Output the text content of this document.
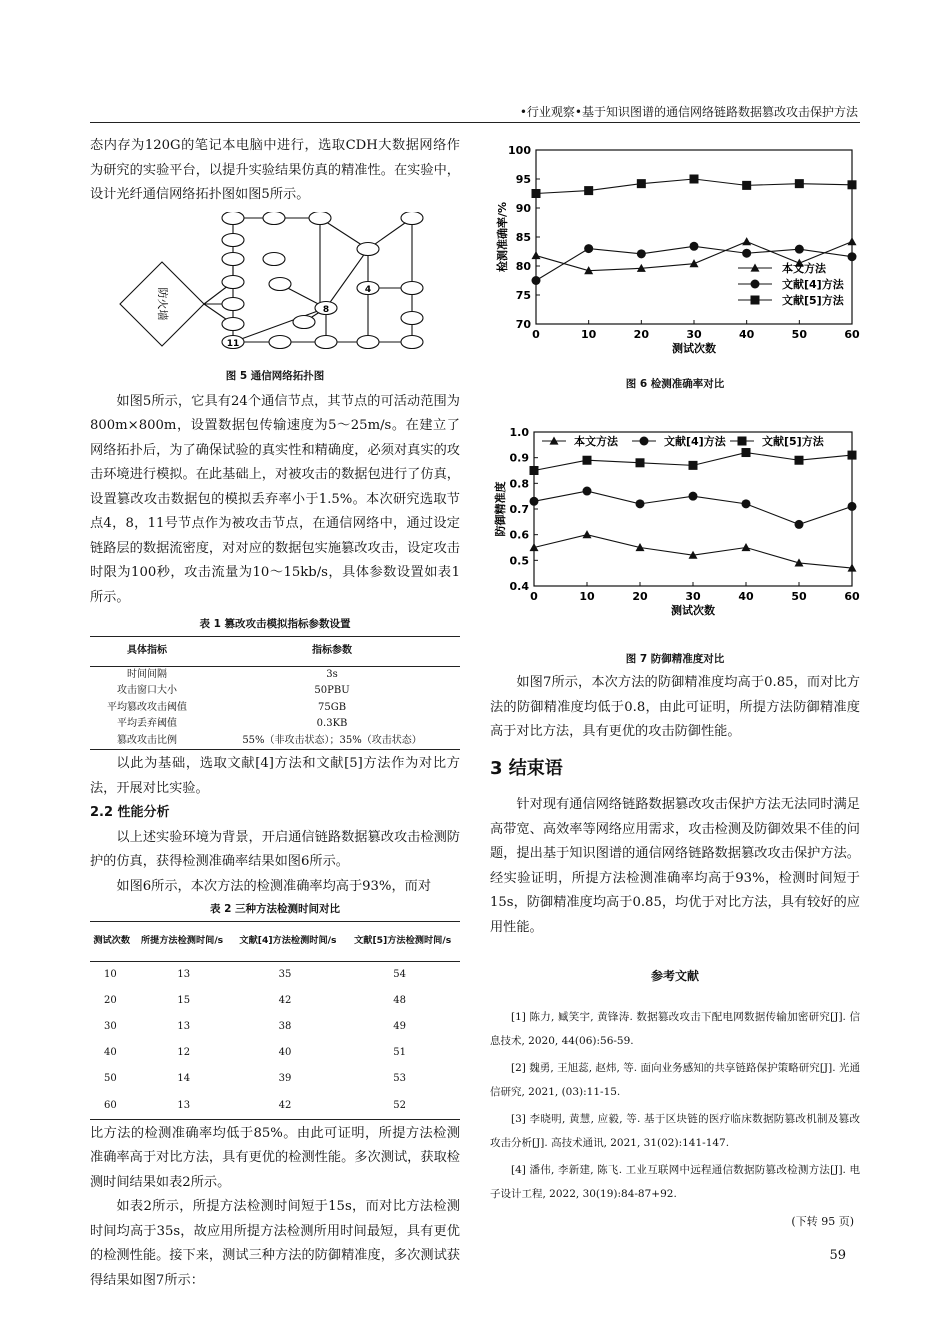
•行业观察•基于知识图谱的通信网络链路数据篡改攻击保护方法

态内存为120G的笔记本电脑中进行，选取CDH大数据网络作为研究的实验平台，以提升实验结果仿真的精准性。在实验中，设计光纤通信网络拓扑图如图5所示。

4
8
11
防火墙
图 5 通信网络拓扑图

如图5所示，它具有24个通信节点，其节点的可活动范围为800m×800m，设置数据包传输速度为5～25m/s。在建立了网络拓扑后，为了确保试验的真实性和精确度，必须对真实的攻击环境进行模拟。在此基础上，对被攻击的数据包进行了仿真，设置篡改攻击数据包的模拟丢弃率小于1.5%。本次研究选取节点4，8，11号节点作为被攻击节点，在通信网络中，通过设定链路层的数据流密度，对对应的数据包实施篡改攻击，设定攻击时限为100秒，攻击流量为10～15kb/s，具体参数设置如表1所示。

表 1 篡改攻击模拟指标参数设置
具体指标	指标参数
时间间隔	3s
攻击窗口大小	50PBU
平均篡改攻击阈值	75GB
平均丢弃阈值	0.3KB
篡改攻击比例	55%（非攻击状态）；35%（攻击状态）

以此为基础，选取文献[4]方法和文献[5]方法作为对比方法，开展对比实验。

2.2 性能分析

以上述实验环境为背景，开启通信链路数据篡改攻击检测防护的仿真，获得检测准确率结果如图6所示。

如图6所示，本次方法的检测准确率均高于93%，而对

表 2 三种方法检测时间对比
测试次数	所提方法检测时间/s	文献[4]方法检测时间/s	文献[5]方法检测时间/s
10	13	35	54
20	15	42	48
30	13	38	49
40	12	40	51
50	14	39	53
60	13	42	52

比方法的检测准确率均低于85%。由此可证明，所提方法检测准确率高于对比方法，具有更优的检测性能。多次测试，获取检测时间结果如表2所示。

如表2所示，所提方法检测时间短于15s，而对比方法检测时间均高于35s，故应用所提方法检测所用时间最短，具有更优的检测性能。接下来，测试三种方法的防御精准度，多次测试获得结果如图7所示：

70
75
80
85
90
95
100
0	10	20	30	40	50	60
测试次数
检测准确率/%	本文方法
文献[4]方法
文献[5]方法
图 6 检测准确率对比
0.4
0.5
0.6
0.7
0.8
0.9
1.0
0	10	20	30	40	50	60
测试次数
防御精准度
本文方法	文献[4]方法	文献[5]方法
图 7 防御精准度对比

如图7所示，本次方法的防御精准度均高于0.85，而对比方法的防御精准度均低于0.8，由此可证明，所提方法防御精准度高于对比方法，具有更优的攻击防御性能。

3 结束语

针对现有通信网络链路数据篡改攻击保护方法无法同时满足高带宽、高效率等网络应用需求，攻击检测及防御效果不佳的问题，提出基于知识图谱的通信网络链路数据篡改攻击保护方法。经实验证明，所提方法检测准确率均高于93%，检测时间短于15s，防御精准度均高于0.85，均优于对比方法，具有较好的应用性能。

参考文献

[1] 陈力, 臧笑宇, 黄锋涛. 数据篡改攻击下配电网数据传输加密研究[J]. 信息技术, 2020, 44(06):56-59.

[2] 魏勇, 王旭蕊, 赵炜, 等. 面向业务感知的共享链路保护策略研究[J]. 光通信研究, 2021, (03):11-15.

[3] 李晓明, 黄慧, 应毅, 等. 基于区块链的医疗临床数据防篡改机制及篡改攻击分析[J]. 高技术通讯, 2021, 31(02):141-147.

[4] 潘伟, 李新建, 陈飞. 工业互联网中远程通信数据防篡改检测方法[J]. 电子设计工程, 2022, 30(19):84-87+92.

(下转 95 页)
59
